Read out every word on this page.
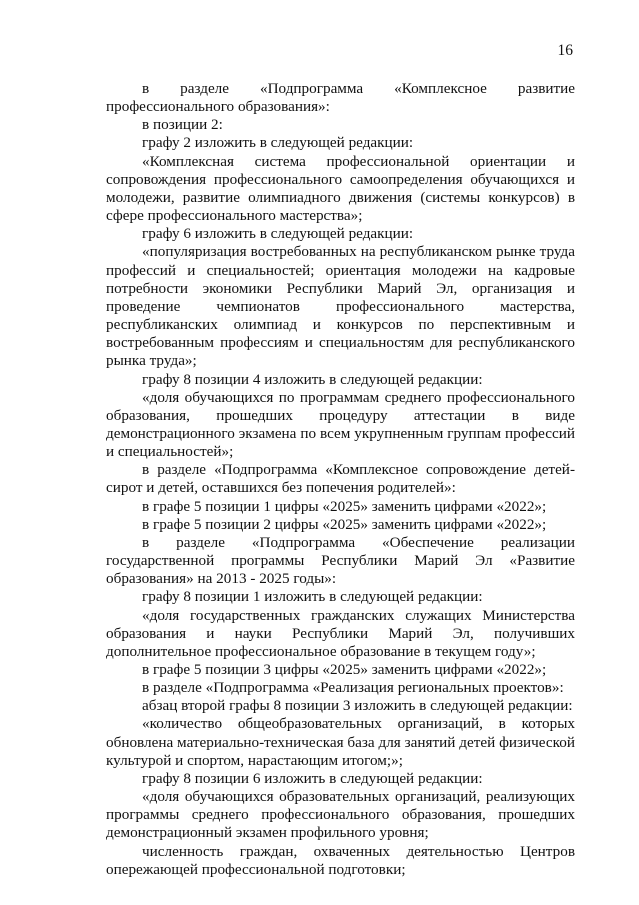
16

в разделе «Подпрограмма «Комплексное развитие профессионального образования»:

в позиции 2:

графу 2 изложить в следующей редакции:

«Комплексная система профессиональной ориентации и сопровождения профессионального самоопределения обучающихся и молодежи, развитие олимпиадного движения (системы конкурсов) в сфере профессионального мастерства»;

графу 6 изложить в следующей редакции:

«популяризация востребованных на республиканском рынке труда профессий и специальностей; ориентация молодежи на кадровые потребности экономики Республики Марий Эл, организация и проведение чемпионатов профессионального мастерства, республиканских олимпиад и конкурсов по перспективным и востребованным профессиям и специальностям для республиканского рынка труда»;

графу 8 позиции 4 изложить в следующей редакции:

«доля обучающихся по программам среднего профессионального образования, прошедших процедуру аттестации в виде демонстрационного экзамена по всем укрупненным группам профессий и специальностей»;

в разделе «Подпрограмма «Комплексное сопровождение детей-сирот и детей, оставшихся без попечения родителей»:

в графе 5 позиции 1 цифры «2025» заменить цифрами «2022»;

в графе 5 позиции 2 цифры «2025» заменить цифрами «2022»;

в разделе «Подпрограмма «Обеспечение реализации государственной программы Республики Марий Эл «Развитие образования» на 2013 - 2025 годы»:

графу 8 позиции 1 изложить в следующей редакции:

«доля государственных гражданских служащих Министерства образования и науки Республики Марий Эл, получивших дополнительное профессиональное образование в текущем году»;

в графе 5 позиции 3 цифры «2025» заменить цифрами «2022»;

в разделе «Подпрограмма «Реализация региональных проектов»:

абзац второй графы 8 позиции 3 изложить в следующей редакции:

«количество общеобразовательных организаций, в которых обновлена материально-техническая база для занятий детей физической культурой и спортом, нарастающим итогом;»;

графу 8 позиции 6 изложить в следующей редакции:

«доля обучающихся образовательных организаций, реализующих программы среднего профессионального образования, прошедших демонстрационный экзамен профильного уровня;

численность граждан, охваченных деятельностью Центров опережающей профессиональной подготовки;
